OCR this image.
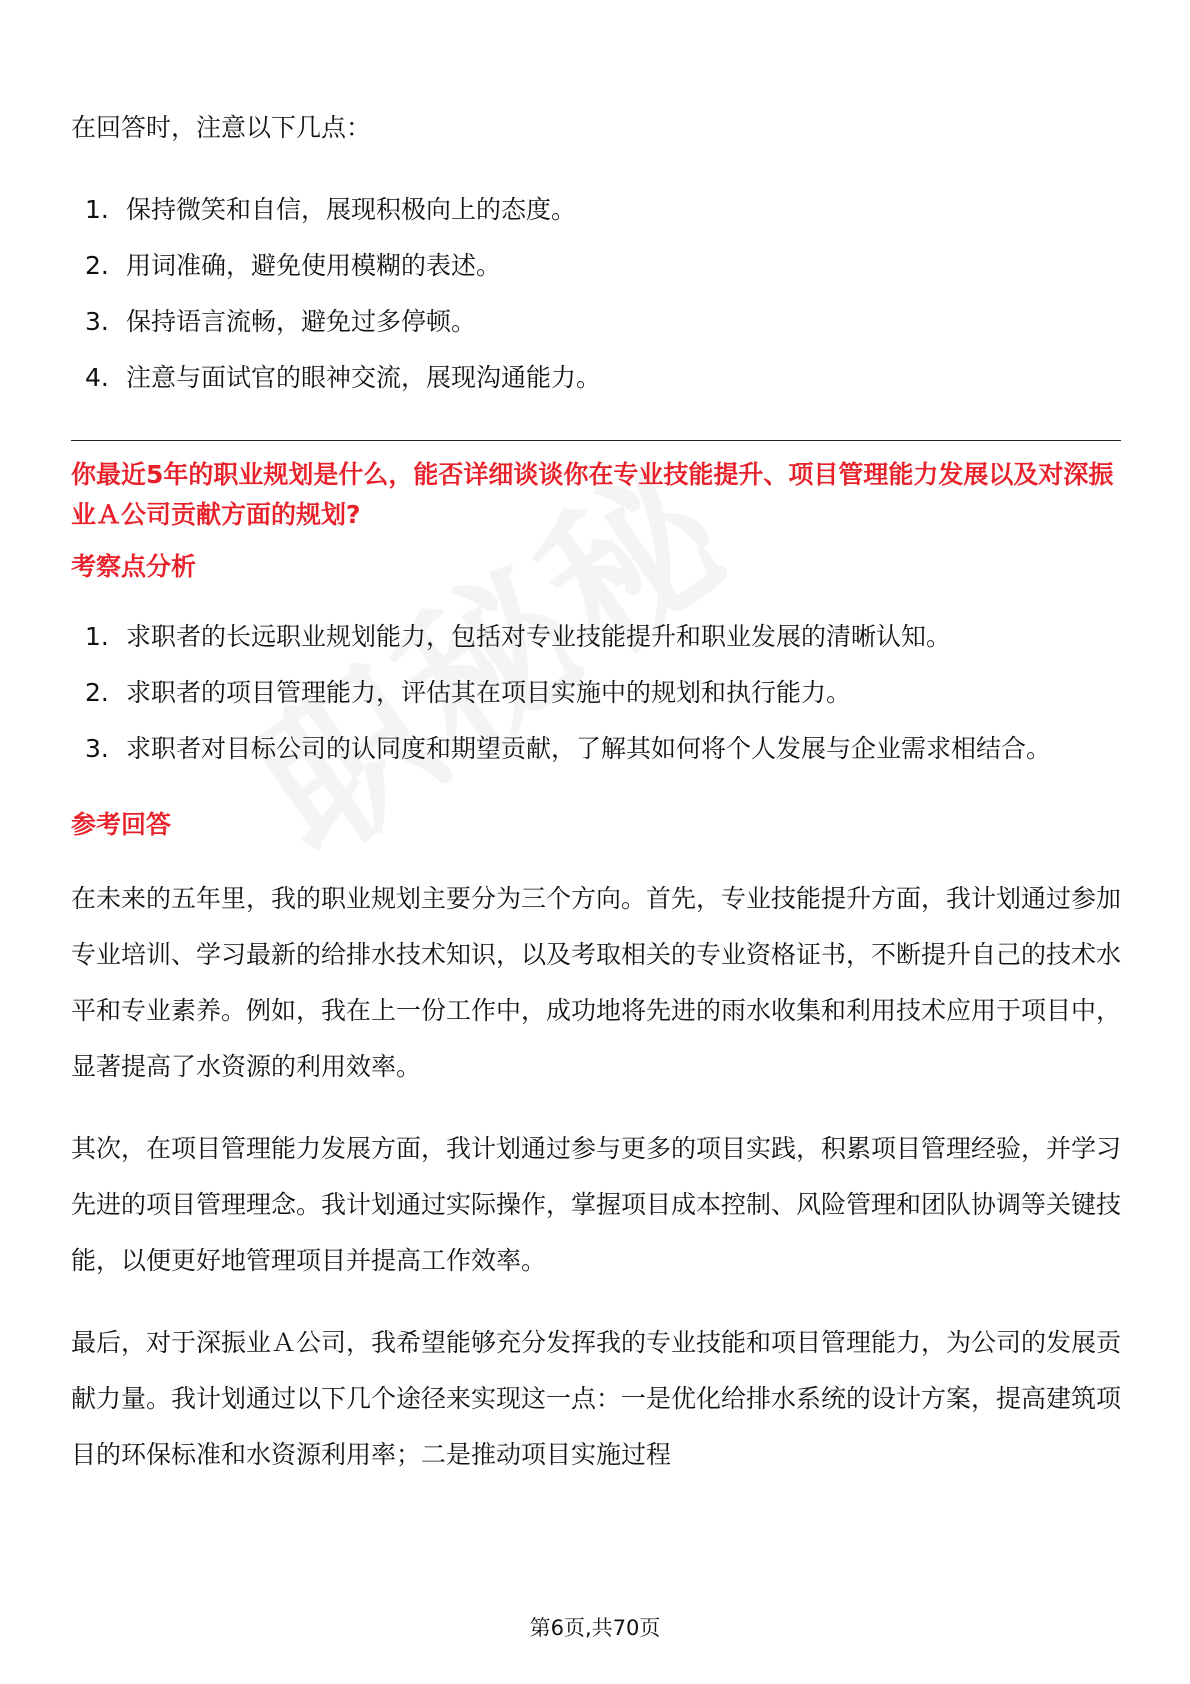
在回答时，注意以下几点：

1. 保持微笑和自信，展现积极向上的态度。
2. 用词准确，避免使用模糊的表述。
3. 保持语言流畅，避免过多停顿。
4. 注意与面试官的眼神交流，展现沟通能力。

你最近5年的职业规划是什么，能否详细谈谈你在专业技能提升、项目管理能力发展以及对深振业Ａ公司贡献方面的规划?

考察点分析

1. 求职者的长远职业规划能力，包括对专业技能提升和职业发展的清晰认知。
2. 求职者的项目管理能力，评估其在项目实施中的规划和执行能力。
3. 求职者对目标公司的认同度和期望贡献，了解其如何将个人发展与企业需求相结合。

参考回答

在未来的五年里，我的职业规划主要分为三个方向。首先，专业技能提升方面，我计划通过参加专业培训、学习最新的给排水技术知识，以及考取相关的专业资格证书，不断提升自己的技术水平和专业素养。例如，我在上一份工作中，成功地将先进的雨水收集和利用技术应用于项目中，显著提高了水资源的利用效率。

其次，在项目管理能力发展方面，我计划通过参与更多的项目实践，积累项目管理经验，并学习先进的项目管理理念。我计划通过实际操作，掌握项目成本控制、风险管理和团队协调等关键技能，以便更好地管理项目并提高工作效率。

最后，对于深振业Ａ公司，我希望能够充分发挥我的专业技能和项目管理能力，为公司的发展贡献力量。我计划通过以下几个途径来实现这一点：一是优化给排水系统的设计方案，提高建筑项目的环保标准和水资源利用率；二是推动项目实施过程

第6页,共70页
